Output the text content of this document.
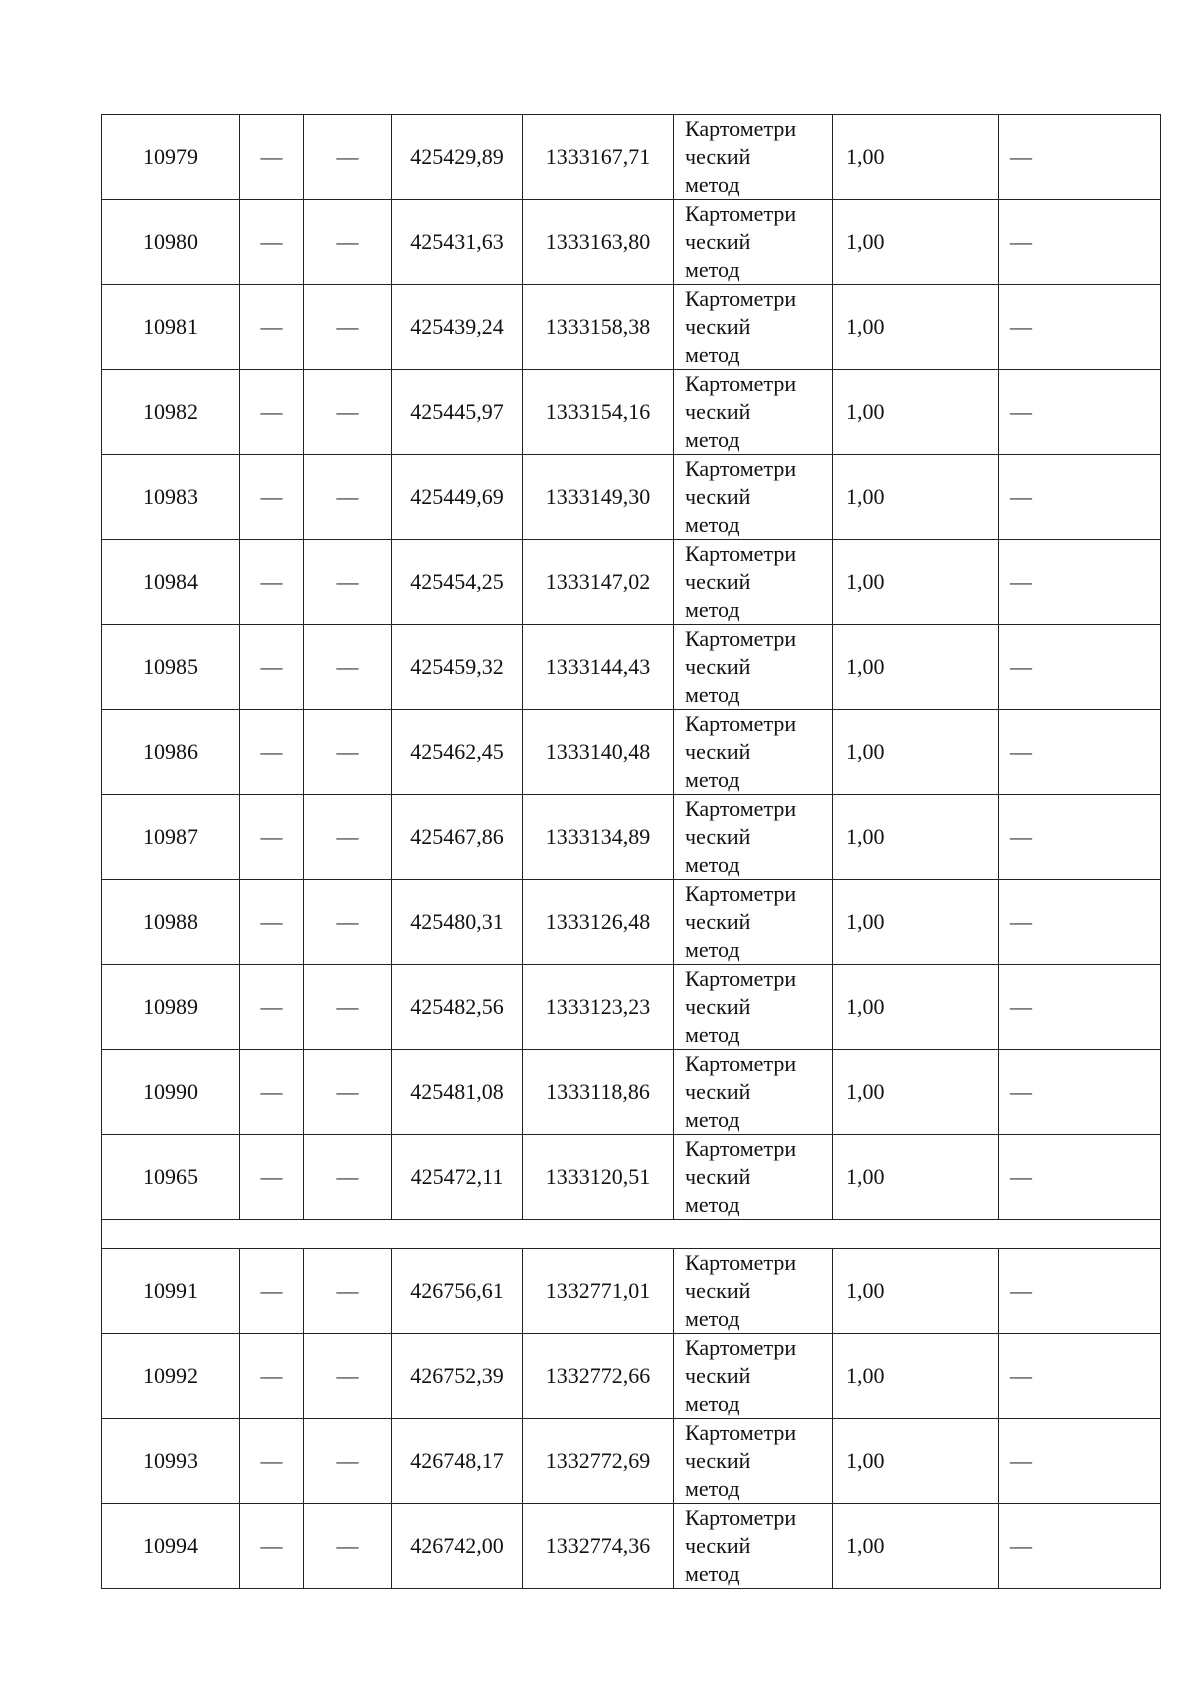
10979	—	—	425429,89	1333167,71	Картометри
ческий
метод	1,00	—
10980	—	—	425431,63	1333163,80	Картометри
ческий
метод	1,00	—
10981	—	—	425439,24	1333158,38	Картометри
ческий
метод	1,00	—
10982	—	—	425445,97	1333154,16	Картометри
ческий
метод	1,00	—
10983	—	—	425449,69	1333149,30	Картометри
ческий
метод	1,00	—
10984	—	—	425454,25	1333147,02	Картометри
ческий
метод	1,00	—
10985	—	—	425459,32	1333144,43	Картометри
ческий
метод	1,00	—
10986	—	—	425462,45	1333140,48	Картометри
ческий
метод	1,00	—
10987	—	—	425467,86	1333134,89	Картометри
ческий
метод	1,00	—
10988	—	—	425480,31	1333126,48	Картометри
ческий
метод	1,00	—
10989	—	—	425482,56	1333123,23	Картометри
ческий
метод	1,00	—
10990	—	—	425481,08	1333118,86	Картометри
ческий
метод	1,00	—
10965	—	—	425472,11	1333120,51	Картометри
ческий
метод	1,00	—

10991	—	—	426756,61	1332771,01	Картометри
ческий
метод	1,00	—
10992	—	—	426752,39	1332772,66	Картометри
ческий
метод	1,00	—
10993	—	—	426748,17	1332772,69	Картометри
ческий
метод	1,00	—
10994	—	—	426742,00	1332774,36	Картометри
ческий
метод	1,00	—
